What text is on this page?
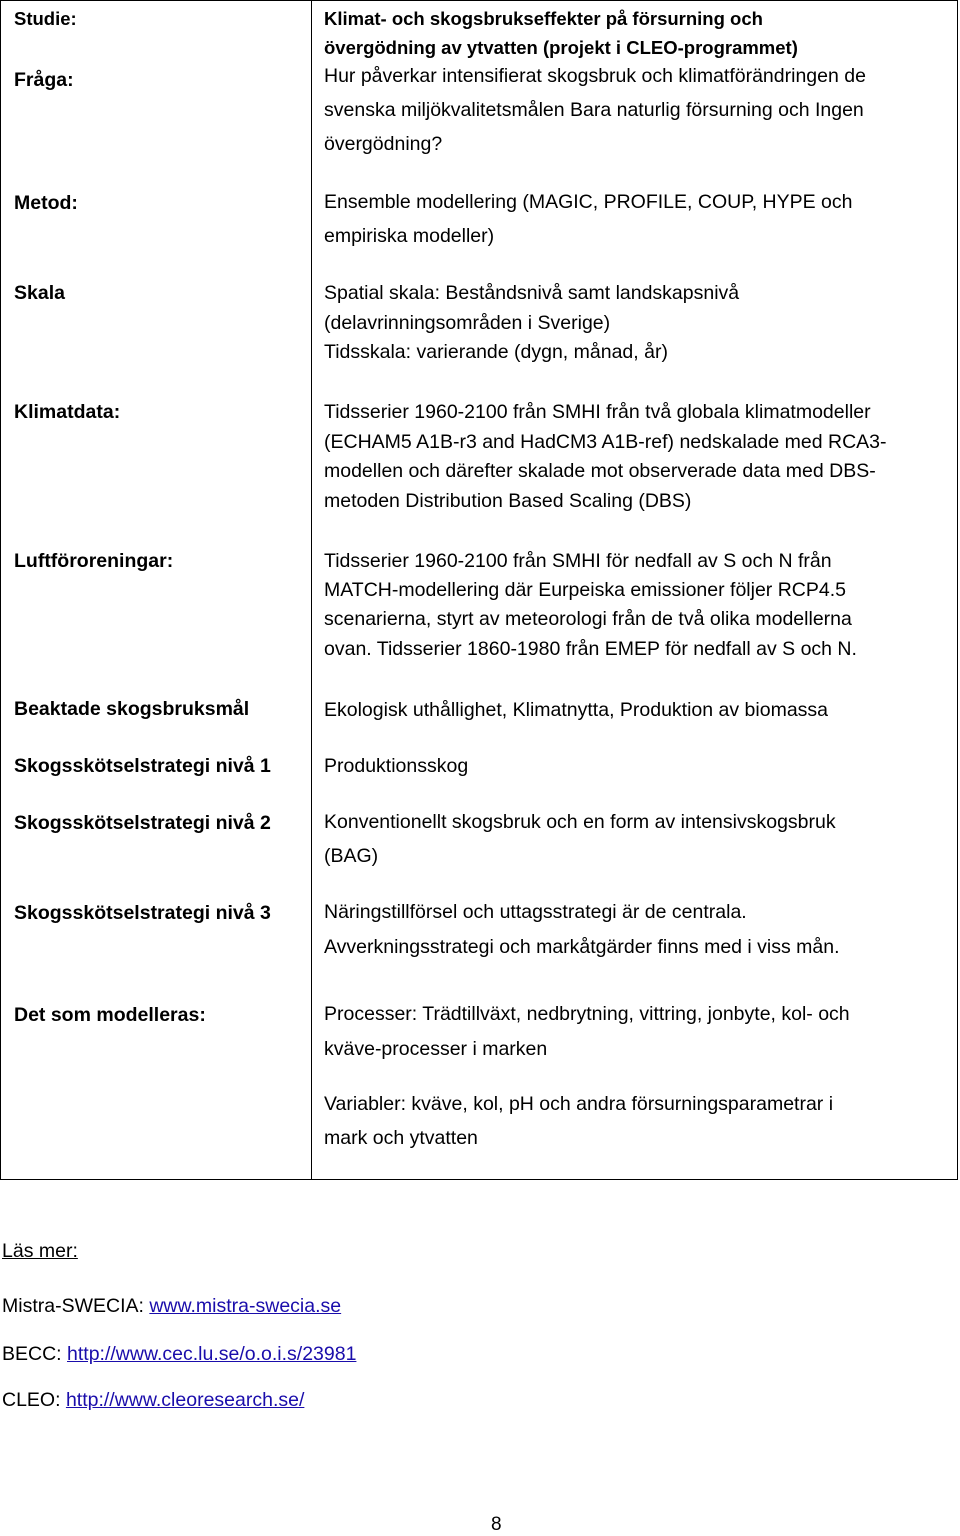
Studie:	Klimat- och skogsbrukseffekter på försurning och
övergödning av ytvatten (projekt i CLEO-programmet)
Fråga:	Hur påverkar intensifierat skogsbruk och klimatförändringen de
svenska miljökvalitetsmålen Bara naturlig försurning och Ingen
övergödning?
Metod:	Ensemble modellering (MAGIC, PROFILE, COUP, HYPE och
empiriska modeller)
Skala	Spatial skala: Beståndsnivå samt landskapsnivå
(delavrinningsområden i Sverige)
Tidsskala: varierande (dygn, månad, år)
Klimatdata:	Tidsserier 1960-2100 från SMHI från två globala klimatmodeller
(ECHAM5 A1B-r3 and HadCM3 A1B-ref) nedskalade med RCA3-
modellen och därefter skalade mot observerade data med DBS-
metoden Distribution Based Scaling (DBS)
Luftföroreningar:	Tidsserier 1960-2100 från SMHI för nedfall av S och N från
MATCH-modellering där Eurpeiska emissioner följer RCP4.5
scenarierna, styrt av meteorologi från de två olika modellerna
ovan. Tidsserier 1860-1980 från EMEP för nedfall av S och N.
Beaktade skogsbruksmål	Ekologisk uthållighet, Klimatnytta, Produktion av biomassa
Skogsskötselstrategi nivå 1	Produktionsskog
Skogsskötselstrategi nivå 2	Konventionellt skogsbruk och en form av intensivskogsbruk
(BAG)
Skogsskötselstrategi nivå 3	Näringstillförsel och uttagsstrategi är de centrala.
Avverkningsstrategi och markåtgärder finns med i viss mån.
Det som modelleras:	Processer: Trädtillväxt, nedbrytning, vittring, jonbyte, kol- och
kväve-processer i marken
Variabler: kväve, kol, pH och andra försurningsparametrar i
mark och ytvatten
Läs mer:
Mistra-SWECIA: www.mistra-swecia.se
BECC: http://www.cec.lu.se/o.o.i.s/23981
CLEO: http://www.cleoresearch.se/
8
